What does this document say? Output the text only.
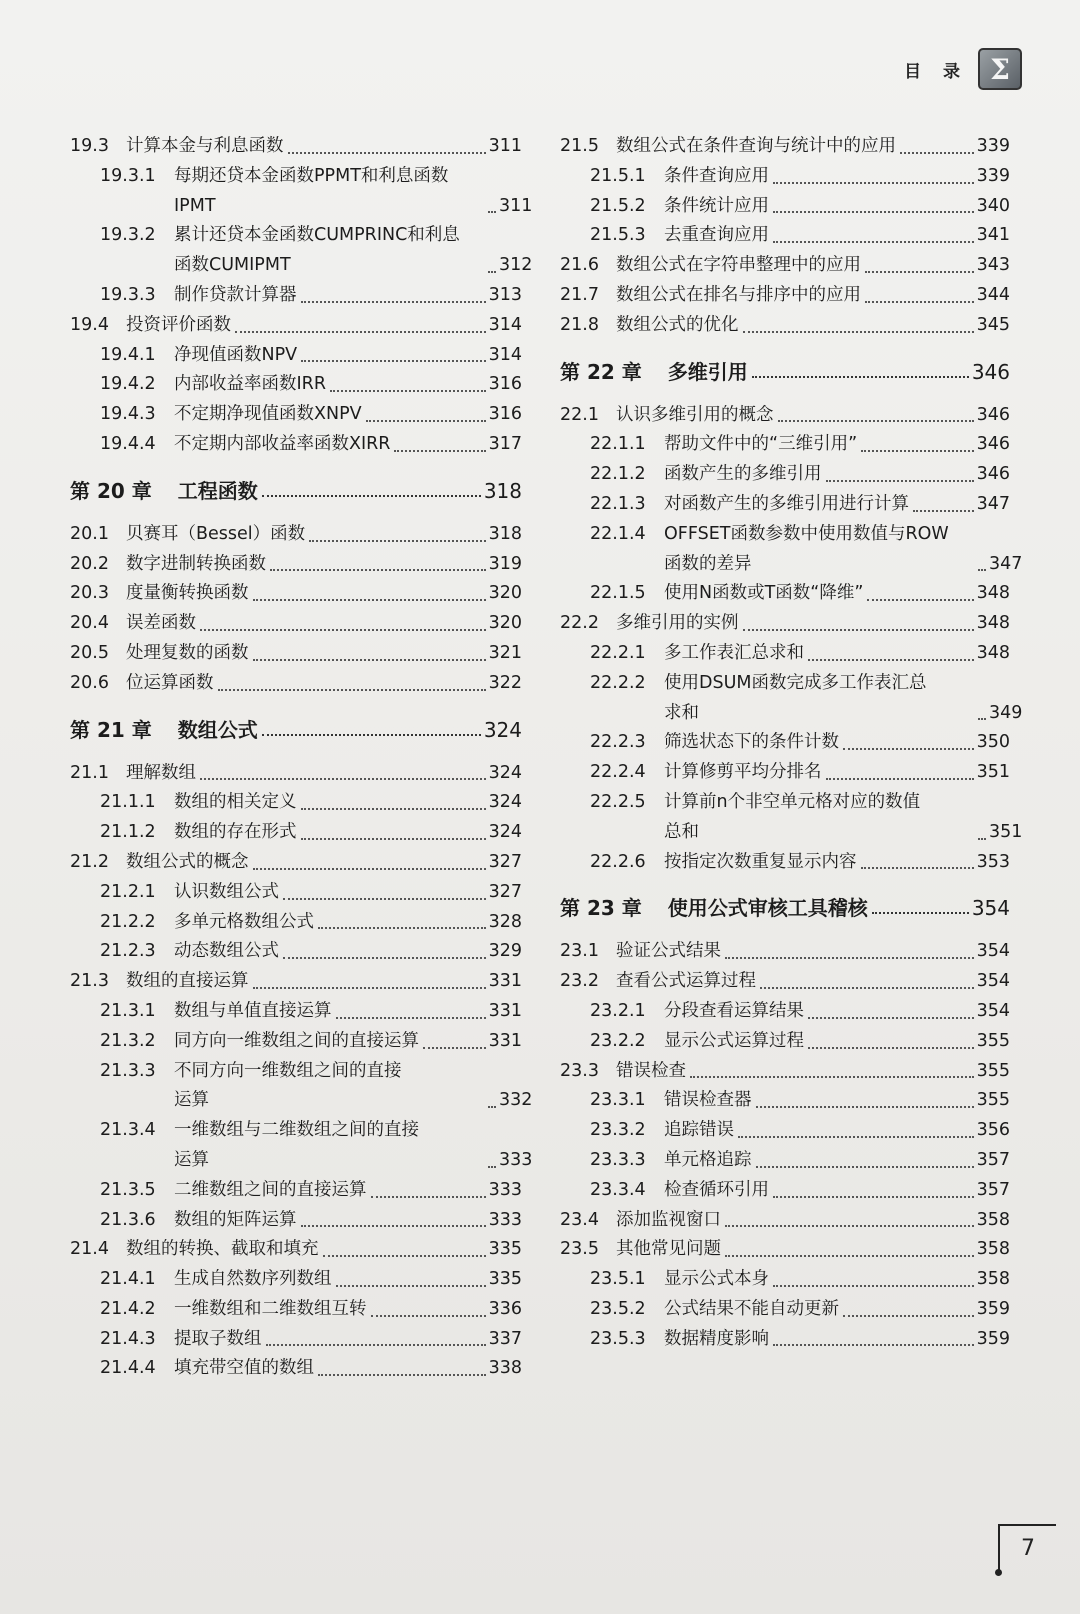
目 录 Σ
19.3 计算本金与利息函数	311
19.3.1	每期还贷本金函数PPMT和利息函数
IPMT	311
19.3.2	累计还贷本金函数CUMPRINC和利息
函数CUMIPMT	312
19.3.3	制作贷款计算器	313
19.4 投资评价函数	314
19.4.1	净现值函数NPV	314
19.4.2	内部收益率函数IRR	316
19.4.3	不定期净现值函数XNPV	316
19.4.4	不定期内部收益率函数XIRR	317
第 20 章 工程函数	318
20.1 贝赛耳（Bessel）函数	318
20.2 数字进制转换函数	319
20.3 度量衡转换函数	320
20.4 误差函数	320
20.5 处理复数的函数	321
20.6 位运算函数	322
第 21 章 数组公式	324
21.1 理解数组	324
21.1.1	数组的相关定义	324
21.1.2	数组的存在形式	324
21.2 数组公式的概念	327
21.2.1	认识数组公式	327
21.2.2	多单元格数组公式	328
21.2.3	动态数组公式	329
21.3 数组的直接运算	331
21.3.1	数组与单值直接运算	331
21.3.2	同方向一维数组之间的直接运算	331
21.3.3	不同方向一维数组之间的直接
运算	332
21.3.4	一维数组与二维数组之间的直接
运算	333
21.3.5	二维数组之间的直接运算	333
21.3.6	数组的矩阵运算	333
21.4 数组的转换、截取和填充	335
21.4.1	生成自然数序列数组	335
21.4.2	一维数组和二维数组互转	336
21.4.3	提取子数组	337
21.4.4	填充带空值的数组	338
21.5 数组公式在条件查询与统计中的应用	339
21.5.1	条件查询应用	339
21.5.2	条件统计应用	340
21.5.3	去重查询应用	341
21.6 数组公式在字符串整理中的应用	343
21.7 数组公式在排名与排序中的应用	344
21.8 数组公式的优化	345
第 22 章 多维引用	346
22.1 认识多维引用的概念	346
22.1.1	帮助文件中的“三维引用”	346
22.1.2	函数产生的多维引用	346
22.1.3	对函数产生的多维引用进行计算	347
22.1.4	OFFSET函数参数中使用数值与ROW
函数的差异	347
22.1.5	使用N函数或T函数“降维”	348
22.2 多维引用的实例	348
22.2.1	多工作表汇总求和	348
22.2.2	使用DSUM函数完成多工作表汇总
求和	349
22.2.3	筛选状态下的条件计数	350
22.2.4	计算修剪平均分排名	351
22.2.5	计算前n个非空单元格对应的数值
总和	351
22.2.6	按指定次数重复显示内容	353
第 23 章 使用公式审核工具稽核	354
23.1 验证公式结果	354
23.2 查看公式运算过程	354
23.2.1	分段查看运算结果	354
23.2.2	显示公式运算过程	355
23.3 错误检查	355
23.3.1	错误检查器	355
23.3.2	追踪错误	356
23.3.3	单元格追踪	357
23.3.4	检查循环引用	357
23.4 添加监视窗口	358
23.5 其他常见问题	358
23.5.1	显示公式本身	358
23.5.2	公式结果不能自动更新	359
23.5.3	数据精度影响	359
7
